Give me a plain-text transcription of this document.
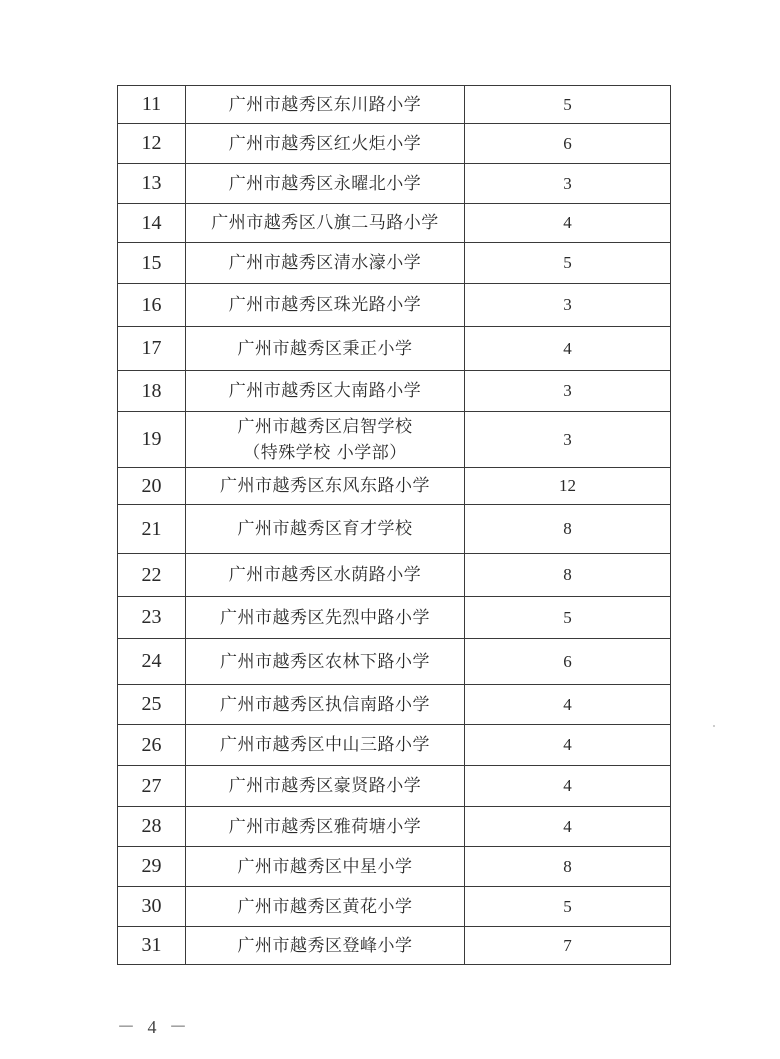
11	广州市越秀区东川路小学	5
12	广州市越秀区红火炬小学	6
13	广州市越秀区永曜北小学	3
14	广州市越秀区八旗二马路小学	4
15	广州市越秀区清水濠小学	5
16	广州市越秀区珠光路小学	3
17	广州市越秀区秉正小学	4
18	广州市越秀区大南路小学	3
19	广州市越秀区启智学校
（特殊学校 小学部）	3
20	广州市越秀区东风东路小学	12
21	广州市越秀区育才学校	8
22	广州市越秀区水荫路小学	8
23	广州市越秀区先烈中路小学	5
24	广州市越秀区农林下路小学	6
25	广州市越秀区执信南路小学	4
26	广州市越秀区中山三路小学	4
27	广州市越秀区豪贤路小学	4
28	广州市越秀区雅荷塘小学	4
29	广州市越秀区中星小学	8
30	广州市越秀区黄花小学	5
31	广州市越秀区登峰小学	7
－ 4 －
